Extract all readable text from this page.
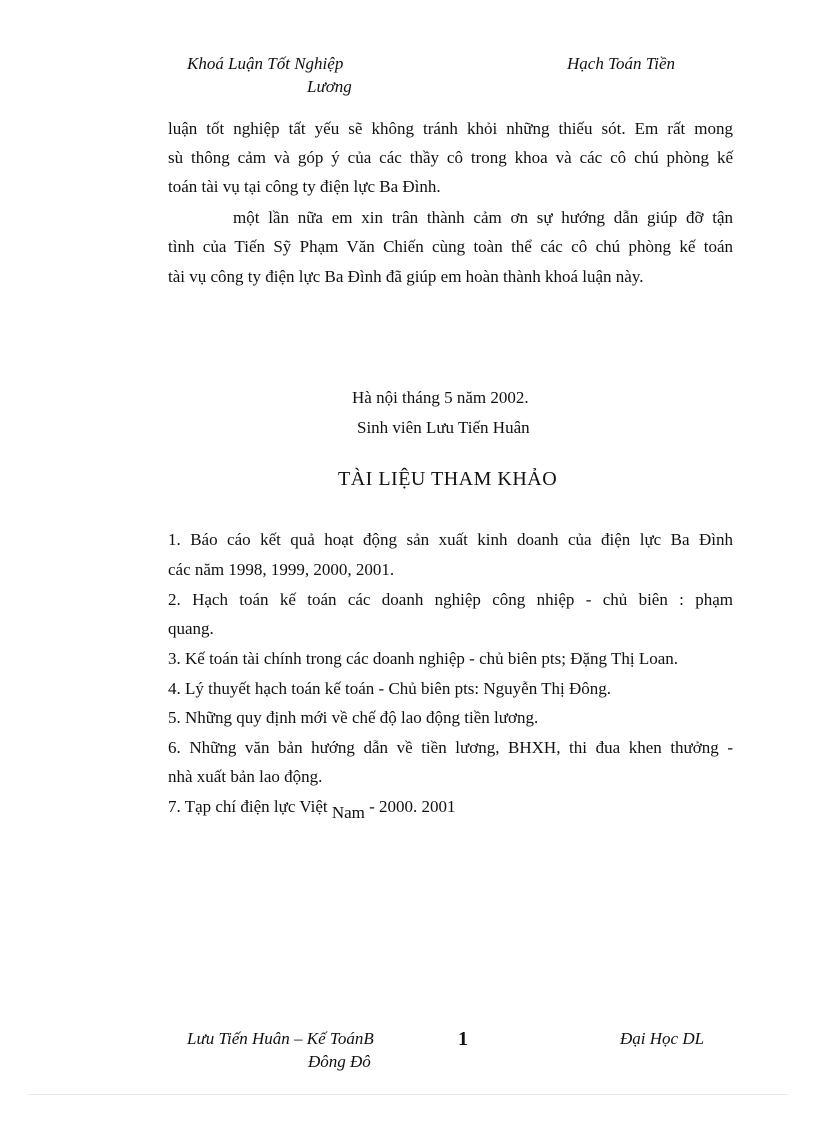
Khoá Luận Tốt Nghiệp
Lương
Hạch Toán Tiền
luận tốt nghiệp tất yếu sẽ không tránh khỏi những thiếu sót. Em rất mong
sù thông cảm và góp ý của các thầy cô trong khoa và các cô chú phòng kế
toán tài vụ tại công ty điện lực Ba Đình.
một lần nữa em xin trân thành cảm ơn sự hướng dẫn giúp đỡ tận
tình của Tiến Sỹ Phạm Văn Chiến cùng toàn thể các cô chú phòng kế toán
tài vụ công ty điện lực Ba Đình đã giúp em hoàn thành khoá luận này.
Hà nội tháng 5 năm 2002.
Sinh viên Lưu Tiến Huân
TÀI LIỆU THAM KHẢO
1. Báo cáo kết quả hoạt động sản xuất kinh doanh của điện lực Ba Đình
các năm 1998, 1999, 2000, 2001.
2. Hạch toán kế toán các doanh nghiệp công nhiệp - chủ biên : phạm
quang.
3. Kế toán tài chính trong các doanh nghiệp - chủ biên pts; Đặng Thị Loan.
4. Lý thuyết hạch toán kế toán - Chủ biên pts: Nguyễn Thị Đông.
5. Những quy định mới về chế độ lao động tiền lương.
6. Những văn bản hướng dẫn về tiền lương, BHXH, thi đua khen thưởng -
nhà xuất bản lao động.
7. Tạp chí điện lực Việt Nam - 2000. 2001
Lưu Tiến Huân – Kế ToánB
Đông Đô
1	Đại Học DL
